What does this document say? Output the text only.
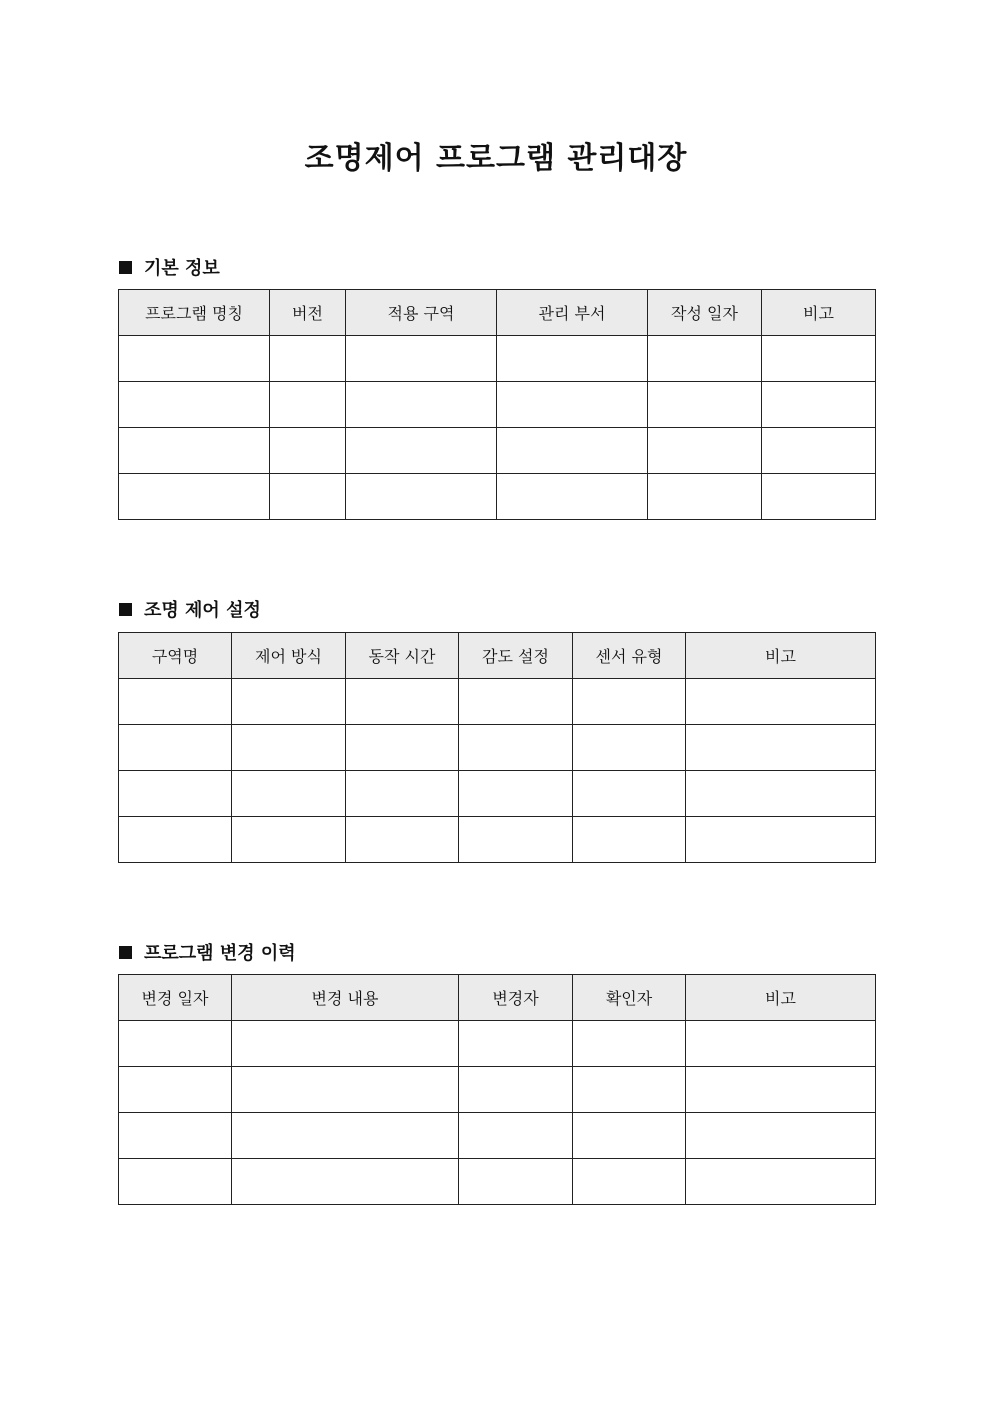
조명제어 프로그램 관리대장
기본 정보
프로그램 명칭	버전	적용 구역	관리 부서	작성 일자	비고

조명 제어 설정
구역명	제어 방식	동작 시간	감도 설정	센서 유형	비고

프로그램 변경 이력
변경 일자	변경 내용	변경자	확인자	비고
